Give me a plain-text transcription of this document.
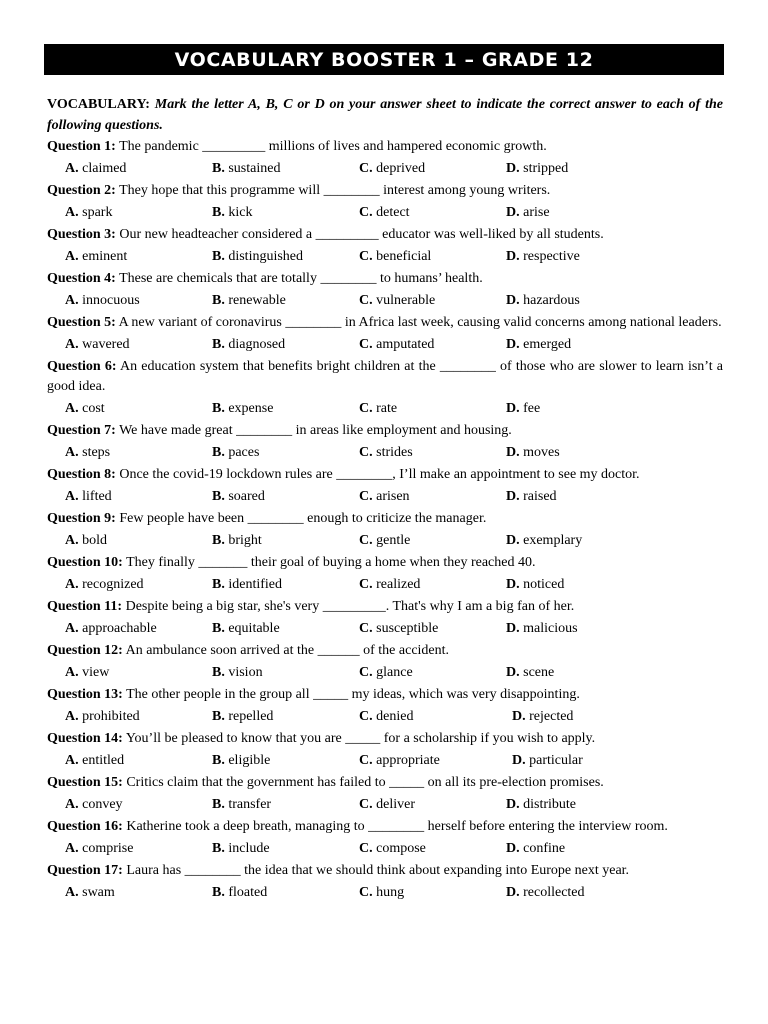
VOCABULARY BOOSTER 1 – GRADE 12
VOCABULARY: Mark the letter A, B, C or D on your answer sheet to indicate the correct answer to each of the following questions.
Question 1: The pandemic _________ millions of lives and hampered economic growth.
A. claimed	B. sustained	C. deprived	D. stripped
Question 2: They hope that this programme will ________ interest among young writers.
A. spark	B. kick	C. detect	D. arise
Question 3: Our new headteacher considered a _________ educator was well-liked by all students.
A. eminent	B. distinguished	C. beneficial	D. respective
Question 4: These are chemicals that are totally ________ to humans’ health.
A. innocuous	B. renewable	C. vulnerable	D. hazardous
Question 5: A new variant of coronavirus ________ in Africa last week, causing valid concerns among national leaders.
A. wavered	B. diagnosed	C. amputated	D. emerged
Question 6: An education system that benefits bright children at the ________ of those who are slower to learn isn’t a good idea.
A. cost	B. expense	C. rate	D. fee
Question 7: We have made great ________ in areas like employment and housing.
A. steps	B. paces	C. strides	D. moves
Question 8: Once the covid-19 lockdown rules are ________, I’ll make an appointment to see my doctor.
A. lifted	B. soared	C. arisen	D. raised
Question 9: Few people have been ________ enough to criticize the manager.
A. bold	B. bright	C. gentle	D. exemplary
Question 10: They finally _______ their goal of buying a home when they reached 40.
A. recognized	B. identified	C. realized	D. noticed
Question 11: Despite being a big star, she's very _________. That's why I am a big fan of her.
A. approachable	B. equitable	C. susceptible	D. malicious
Question 12: An ambulance soon arrived at the ______ of the accident.
A. view	B. vision	C. glance	D. scene
Question 13: The other people in the group all _____ my ideas, which was very disappointing.
A. prohibited	B. repelled	C. denied	D. rejected
Question 14: You’ll be pleased to know that you are _____ for a scholarship if you wish to apply.
A. entitled	B. eligible	C. appropriate	D. particular
Question 15: Critics claim that the government has failed to _____ on all its pre-election promises.
A. convey	B. transfer	C. deliver	D. distribute
Question 16: Katherine took a deep breath, managing to ________ herself before entering the interview room.
A. comprise	B. include	C. compose	D. confine
Question 17: Laura has ________ the idea that we should think about expanding into Europe next year.
A. swam	B. floated	C. hung	D. recollected
